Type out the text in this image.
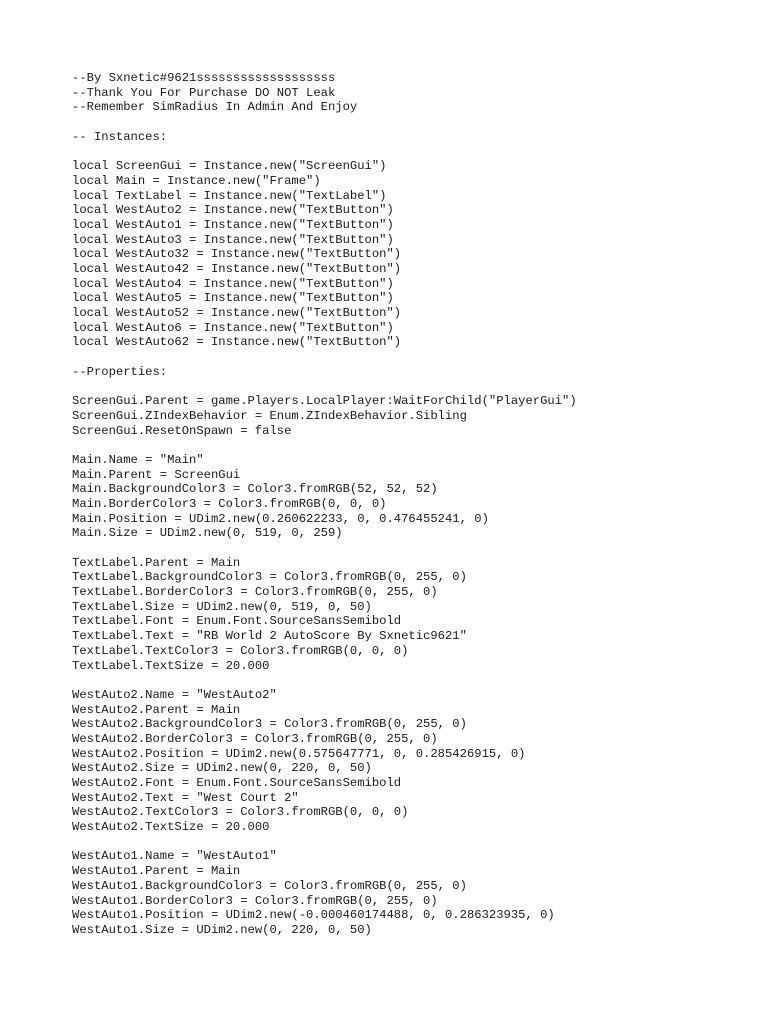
--By Sxnetic#9621sssssssssssssssssss
--Thank You For Purchase DO NOT Leak
--Remember SimRadius In Admin And Enjoy
-- Instances:
local ScreenGui = Instance.new("ScreenGui")
local Main = Instance.new("Frame")
local TextLabel = Instance.new("TextLabel")
local WestAuto2 = Instance.new("TextButton")
local WestAuto1 = Instance.new("TextButton")
local WestAuto3 = Instance.new("TextButton")
local WestAuto32 = Instance.new("TextButton")
local WestAuto42 = Instance.new("TextButton")
local WestAuto4 = Instance.new("TextButton")
local WestAuto5 = Instance.new("TextButton")
local WestAuto52 = Instance.new("TextButton")
local WestAuto6 = Instance.new("TextButton")
local WestAuto62 = Instance.new("TextButton")
--Properties:
ScreenGui.Parent = game.Players.LocalPlayer:WaitForChild("PlayerGui")
ScreenGui.ZIndexBehavior = Enum.ZIndexBehavior.Sibling
ScreenGui.ResetOnSpawn = false
Main.Name = "Main"
Main.Parent = ScreenGui
Main.BackgroundColor3 = Color3.fromRGB(52, 52, 52)
Main.BorderColor3 = Color3.fromRGB(0, 0, 0)
Main.Position = UDim2.new(0.260622233, 0, 0.476455241, 0)
Main.Size = UDim2.new(0, 519, 0, 259)
TextLabel.Parent = Main
TextLabel.BackgroundColor3 = Color3.fromRGB(0, 255, 0)
TextLabel.BorderColor3 = Color3.fromRGB(0, 255, 0)
TextLabel.Size = UDim2.new(0, 519, 0, 50)
TextLabel.Font = Enum.Font.SourceSansSemibold
TextLabel.Text = "RB World 2 AutoScore By Sxnetic9621"
TextLabel.TextColor3 = Color3.fromRGB(0, 0, 0)
TextLabel.TextSize = 20.000
WestAuto2.Name = "WestAuto2"
WestAuto2.Parent = Main
WestAuto2.BackgroundColor3 = Color3.fromRGB(0, 255, 0)
WestAuto2.BorderColor3 = Color3.fromRGB(0, 255, 0)
WestAuto2.Position = UDim2.new(0.575647771, 0, 0.285426915, 0)
WestAuto2.Size = UDim2.new(0, 220, 0, 50)
WestAuto2.Font = Enum.Font.SourceSansSemibold
WestAuto2.Text = "West Court 2"
WestAuto2.TextColor3 = Color3.fromRGB(0, 0, 0)
WestAuto2.TextSize = 20.000
WestAuto1.Name = "WestAuto1"
WestAuto1.Parent = Main
WestAuto1.BackgroundColor3 = Color3.fromRGB(0, 255, 0)
WestAuto1.BorderColor3 = Color3.fromRGB(0, 255, 0)
WestAuto1.Position = UDim2.new(-0.000460174488, 0, 0.286323935, 0)
WestAuto1.Size = UDim2.new(0, 220, 0, 50)
